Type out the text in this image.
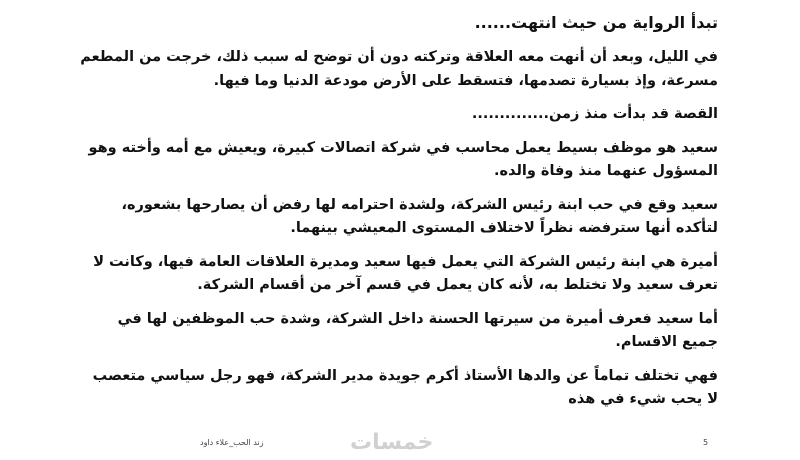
تبدأ الرواية من حيث انتهت......

في الليل، وبعد أن أنهت معه العلاقة وتركته دون أن توضح له سبب ذلك، خرجت من المطعم مسرعة، وإذ بسيارة تصدمها، فتسقط على الأرض مودعة الدنيا وما فيها.

القصة قد بدأت منذ زمن..............

سعيد هو موظف بسيط يعمل محاسب في شركة اتصالات كبيرة، ويعيش مع أمه وأخته وهو المسؤول عنهما منذ وفاة والده.

سعيد وقع في حب ابنة رئيس الشركة، ولشدة احترامه لها رفض أن يصارحها بشعوره، لتأكده أنها سترفضه نظراً لاختلاف المستوى المعيشي بينهما.

أميرة هي ابنة رئيس الشركة التي يعمل فيها سعيد ومديرة العلاقات العامة فيها، وكانت لا تعرف سعيد ولا تختلط به، لأنه كان يعمل في قسم آخر من أقسام الشركة.

أما سعيد فعرف أميرة من سيرتها الحسنة داخل الشركة، وشدة حب الموظفين لها في جميع الاقسام.

فهي تختلف تماماً عن والدها الأستاذ أكرم جويدة مدير الشركة، فهو رجل سياسي متعصب لا يحب شيء في هذه

زند الحب_علاء داود	خمسات	5
